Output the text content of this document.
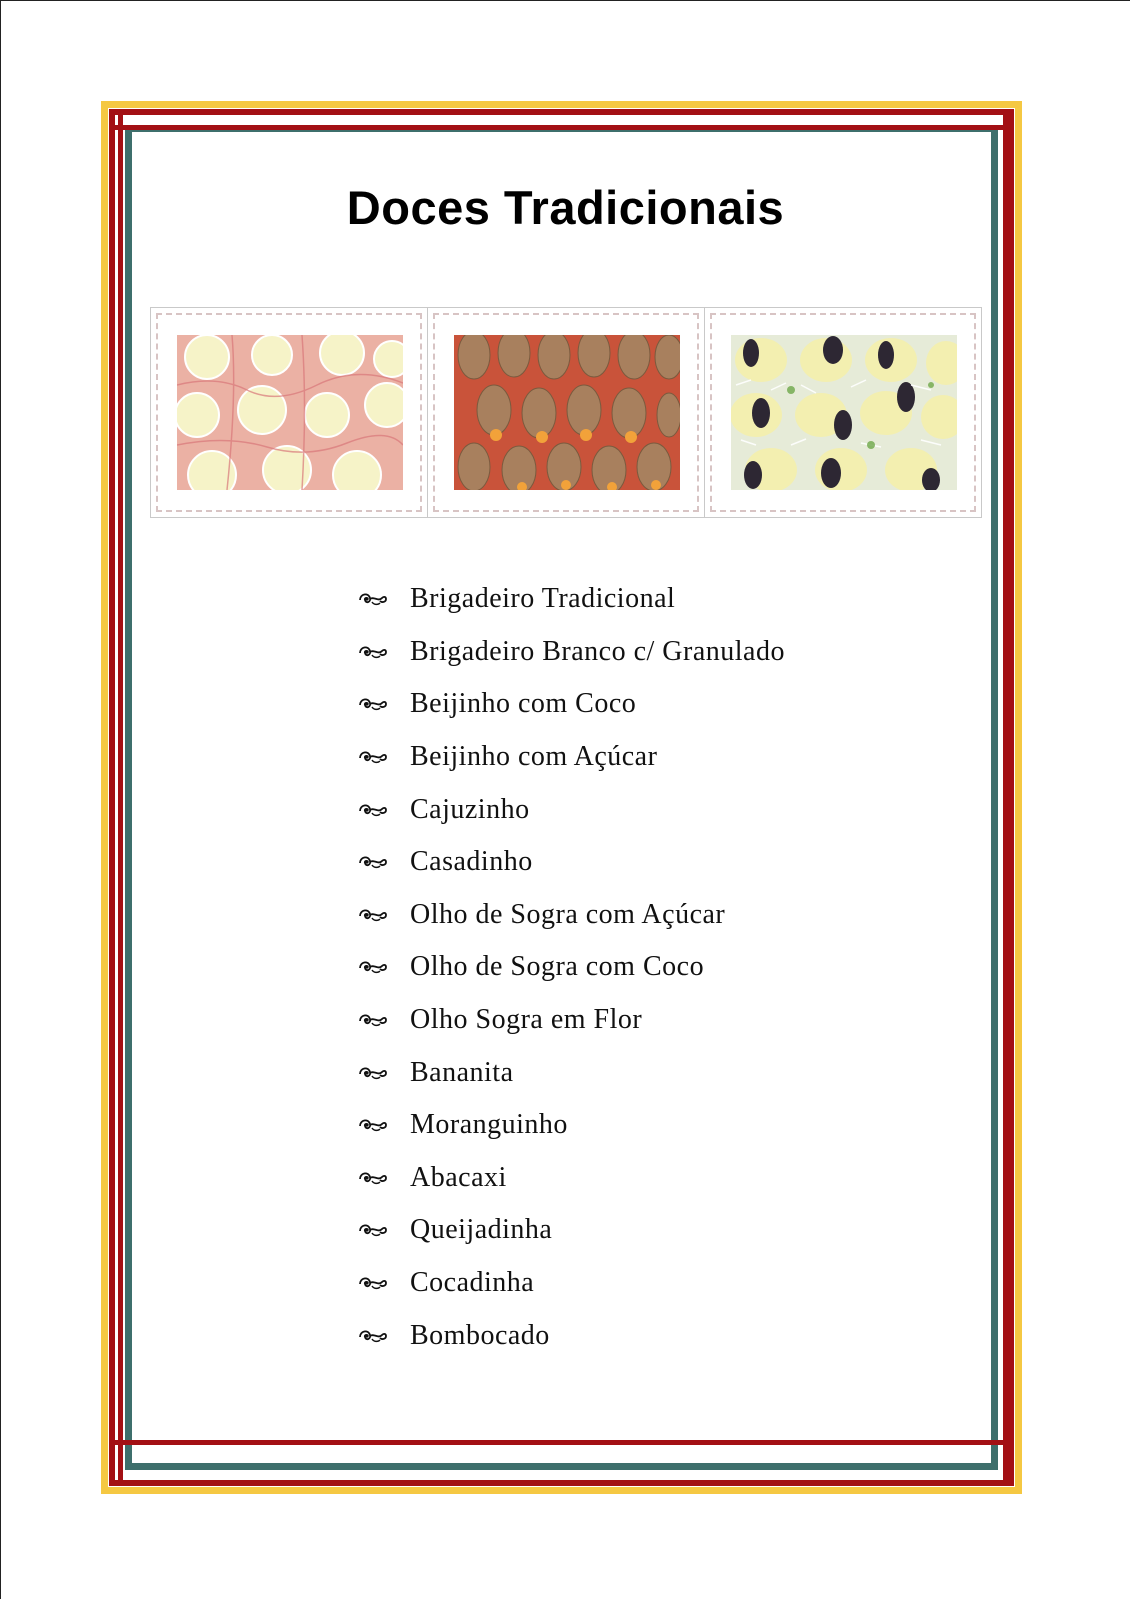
Doces Tradicionais
Brigadeiro Tradicional
Brigadeiro Branco c/ Granulado
Beijinho com Coco
Beijinho com Açúcar
Cajuzinho
Casadinho
Olho de Sogra com Açúcar
Olho de Sogra com Coco
Olho Sogra em Flor
Bananita
Moranguinho
Abacaxi
Queijadinha
Cocadinha
Bombocado
